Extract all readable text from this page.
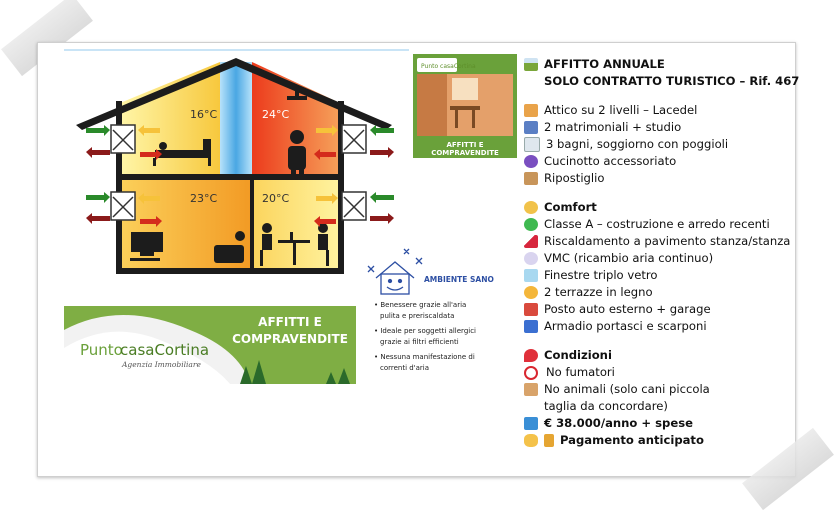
16°C	24°C
23°C	20°C
Punto casaCortina
AFFITTI E
COMPRAVENDITE
Punto
casaCortina
Agenzia Immobiliare
AFFITTI E
COMPRAVENDITE
AMBIENTE SANO
• Benessere grazie all'aria
pulita e preriscaldata
• Ideale per soggetti allergici
grazie ai filtri efficienti
• Nessuna manifestazione di
correnti d'aria
AFFITTO ANNUALE
SOLO CONTRATTO TURISTICO – Rif. 467
Attico su 2 livelli – Lacedel
2 matrimoniali + studio
3 bagni, soggiorno con poggioli
Cucinotto accessoriato
Ripostiglio
Comfort
Classe A – costruzione e arredo recenti
Riscaldamento a pavimento stanza/stanza
VMC (ricambio aria continuo)
Finestre triplo vetro
2 terrazze in legno
Posto auto esterno + garage
Armadio portasci e scarponi
Condizioni
No fumatori
No animali (solo cani piccola
taglia da concordare)
€ 38.000/anno + spese
Pagamento anticipato
